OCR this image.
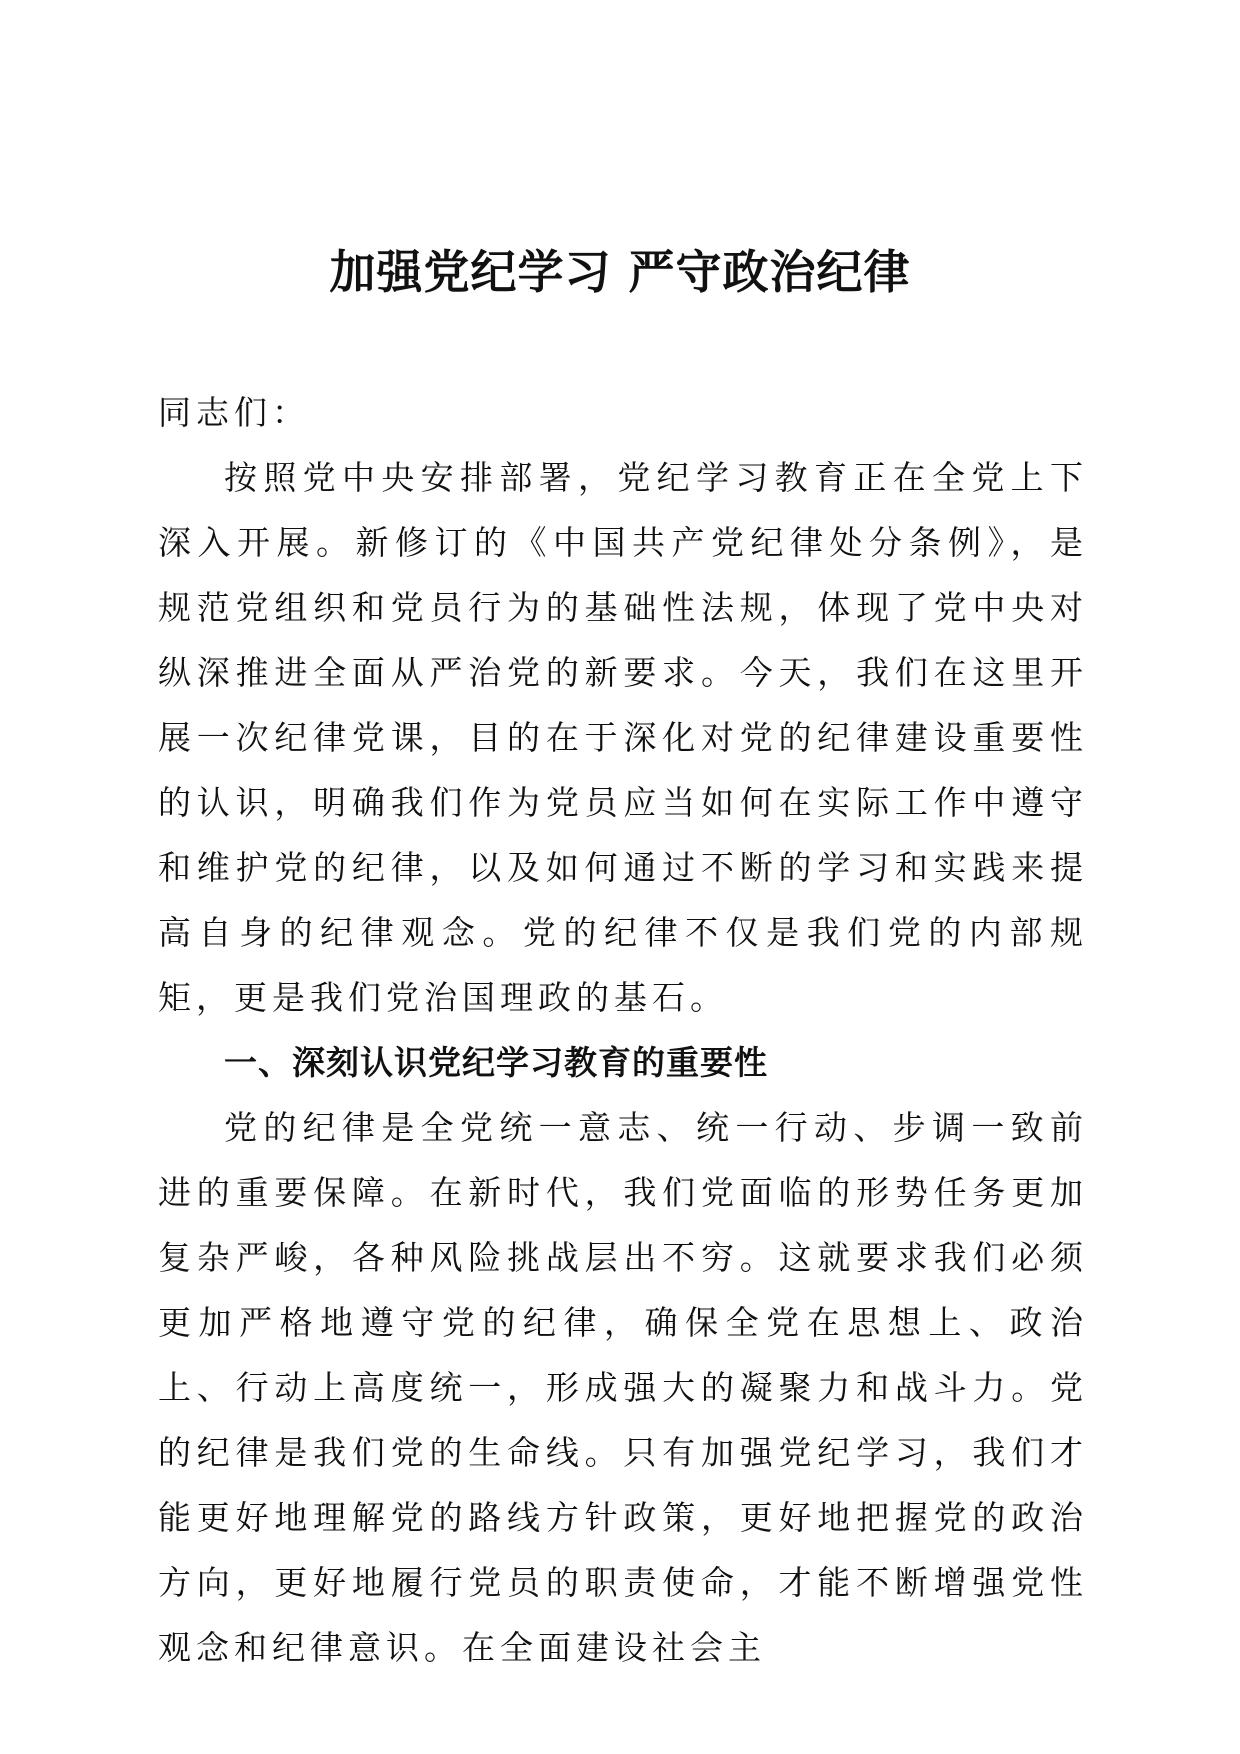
加强党纪学习 严守政治纪律

同志们：

按照党中央安排部署，党纪学习教育正在全党上下深入开展。新修订的《中国共产党纪律处分条例》，是规范党组织和党员行为的基础性法规，体现了党中央对纵深推进全面从严治党的新要求。今天，我们在这里开展一次纪律党课，目的在于深化对党的纪律建设重要性的认识，明确我们作为党员应当如何在实际工作中遵守和维护党的纪律，以及如何通过不断的学习和实践来提高自身的纪律观念。党的纪律不仅是我们党的内部规矩，更是我们党治国理政的基石。

一、深刻认识党纪学习教育的重要性

党的纪律是全党统一意志、统一行动、步调一致前进的重要保障。在新时代，我们党面临的形势任务更加复杂严峻，各种风险挑战层出不穷。这就要求我们必须更加严格地遵守党的纪律，确保全党在思想上、政治上、行动上高度统一，形成强大的凝聚力和战斗力。党的纪律是我们党的生命线。只有加强党纪学习，我们才能更好地理解党的路线方针政策，更好地把握党的政治方向，更好地履行党员的职责使命，才能不断增强党性观念和纪律意识。在全面建设社会主
